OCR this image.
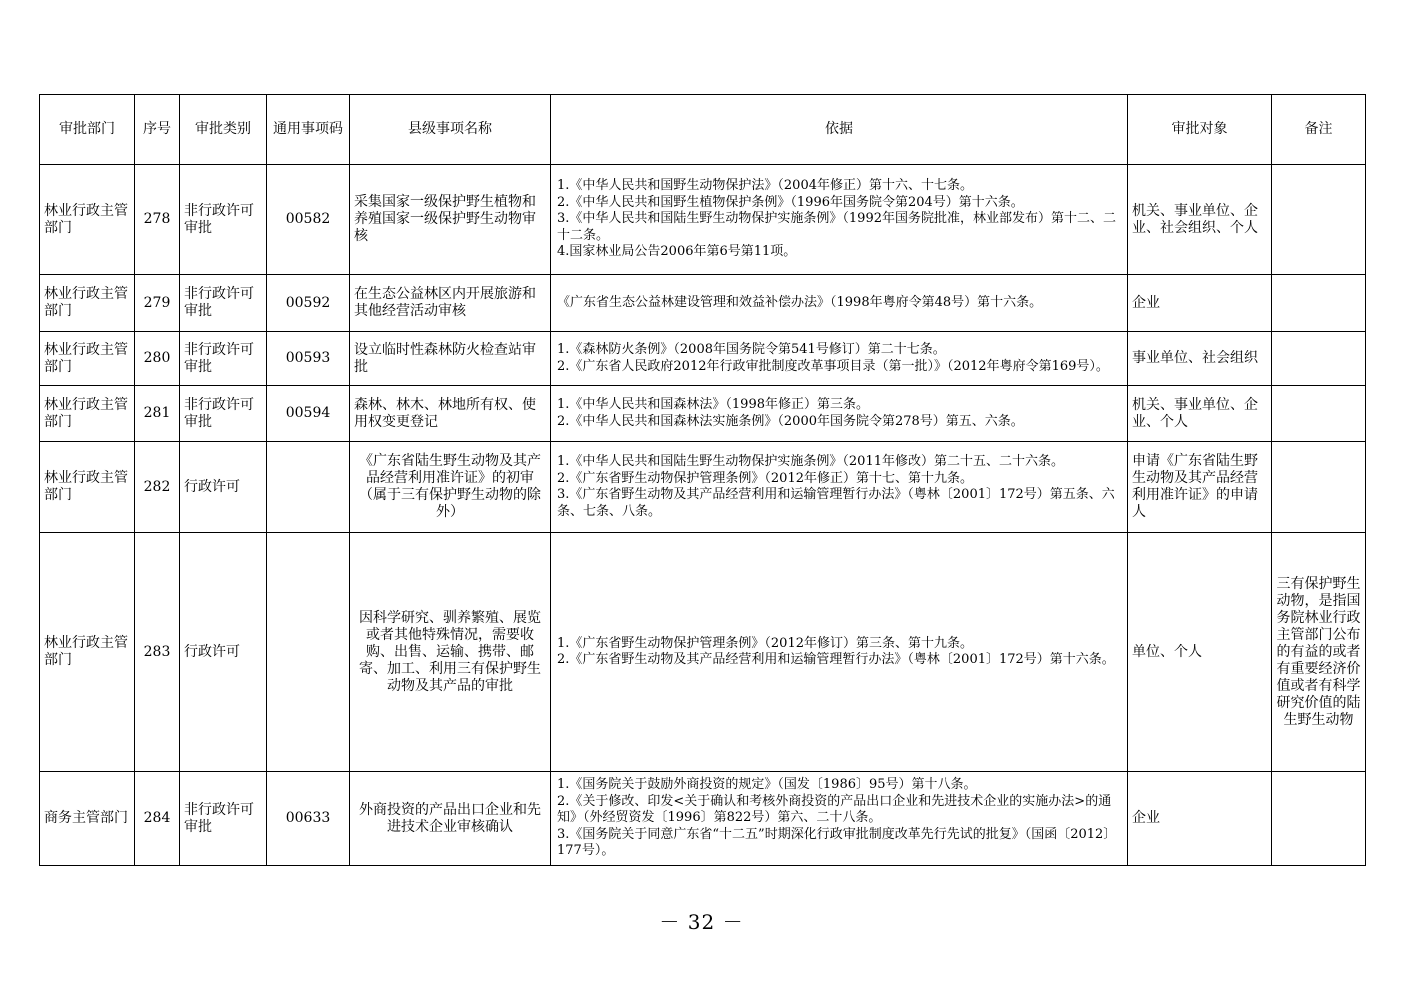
审批部门	序号	审批类别	通用事项码	县级事项名称	依据	审批对象	备注
林业行政主管部门	278	非行政许可审批	00582	采集国家一级保护野生植物和养殖国家一级保护野生动物审核	1.《中华人民共和国野生动物保护法》（2004年修正）第十六、十七条。
2.《中华人民共和国野生植物保护条例》（1996年国务院令第204号）第十六条。
3.《中华人民共和国陆生野生动物保护实施条例》（1992年国务院批准，林业部发布）第十二、二十二条。
4.国家林业局公告2006年第6号第11项。	机关、事业单位、企业、社会组织、个人	
林业行政主管部门	279	非行政许可审批	00592	在生态公益林区内开展旅游和其他经营活动审核	《广东省生态公益林建设管理和效益补偿办法》（1998年粤府令第48号）第十六条。	企业	
林业行政主管部门	280	非行政许可审批	00593	设立临时性森林防火检查站审批	1.《森林防火条例》（2008年国务院令第541号修订）第二十七条。
2.《广东省人民政府2012年行政审批制度改革事项目录（第一批）》（2012年粤府令第169号）。	事业单位、社会组织	
林业行政主管部门	281	非行政许可审批	00594	森林、林木、林地所有权、使用权变更登记	1.《中华人民共和国森林法》（1998年修正）第三条。
2.《中华人民共和国森林法实施条例》（2000年国务院令第278号）第五、六条。	机关、事业单位、企业、个人	
林业行政主管部门	282	行政许可		《广东省陆生野生动物及其产品经营利用准许证》的初审（属于三有保护野生动物的除外）	1.《中华人民共和国陆生野生动物保护实施条例》（2011年修改）第二十五、二十六条。
2.《广东省野生动物保护管理条例》（2012年修正）第十七、第十九条。
3.《广东省野生动物及其产品经营利用和运输管理暂行办法》（粤林〔2001〕172号）第五条、六条、七条、八条。	申请《广东省陆生野生动物及其产品经营利用准许证》的申请人	
林业行政主管部门	283	行政许可		因科学研究、驯养繁殖、展览或者其他特殊情况，需要收购、出售、运输、携带、邮寄、加工、利用三有保护野生动物及其产品的审批	1.《广东省野生动物保护管理条例》（2012年修订）第三条、第十九条。
2.《广东省野生动物及其产品经营利用和运输管理暂行办法》（粤林〔2001〕172号）第十六条。	单位、个人	三有保护野生动物，是指国务院林业行政主管部门公布的有益的或者有重要经济价值或者有科学研究价值的陆生野生动物
商务主管部门	284	非行政许可审批	00633	外商投资的产品出口企业和先进技术企业审核确认	1.《国务院关于鼓励外商投资的规定》（国发〔1986〕95号）第十八条。
2.《关于修改、印发<关于确认和考核外商投资的产品出口企业和先进技术企业的实施办法>的通知》（外经贸资发〔1996〕第822号）第六、二十八条。
3.《国务院关于同意广东省“十二五”时期深化行政审批制度改革先行先试的批复》（国函〔2012〕177号）。	企业	
－ 32 －
